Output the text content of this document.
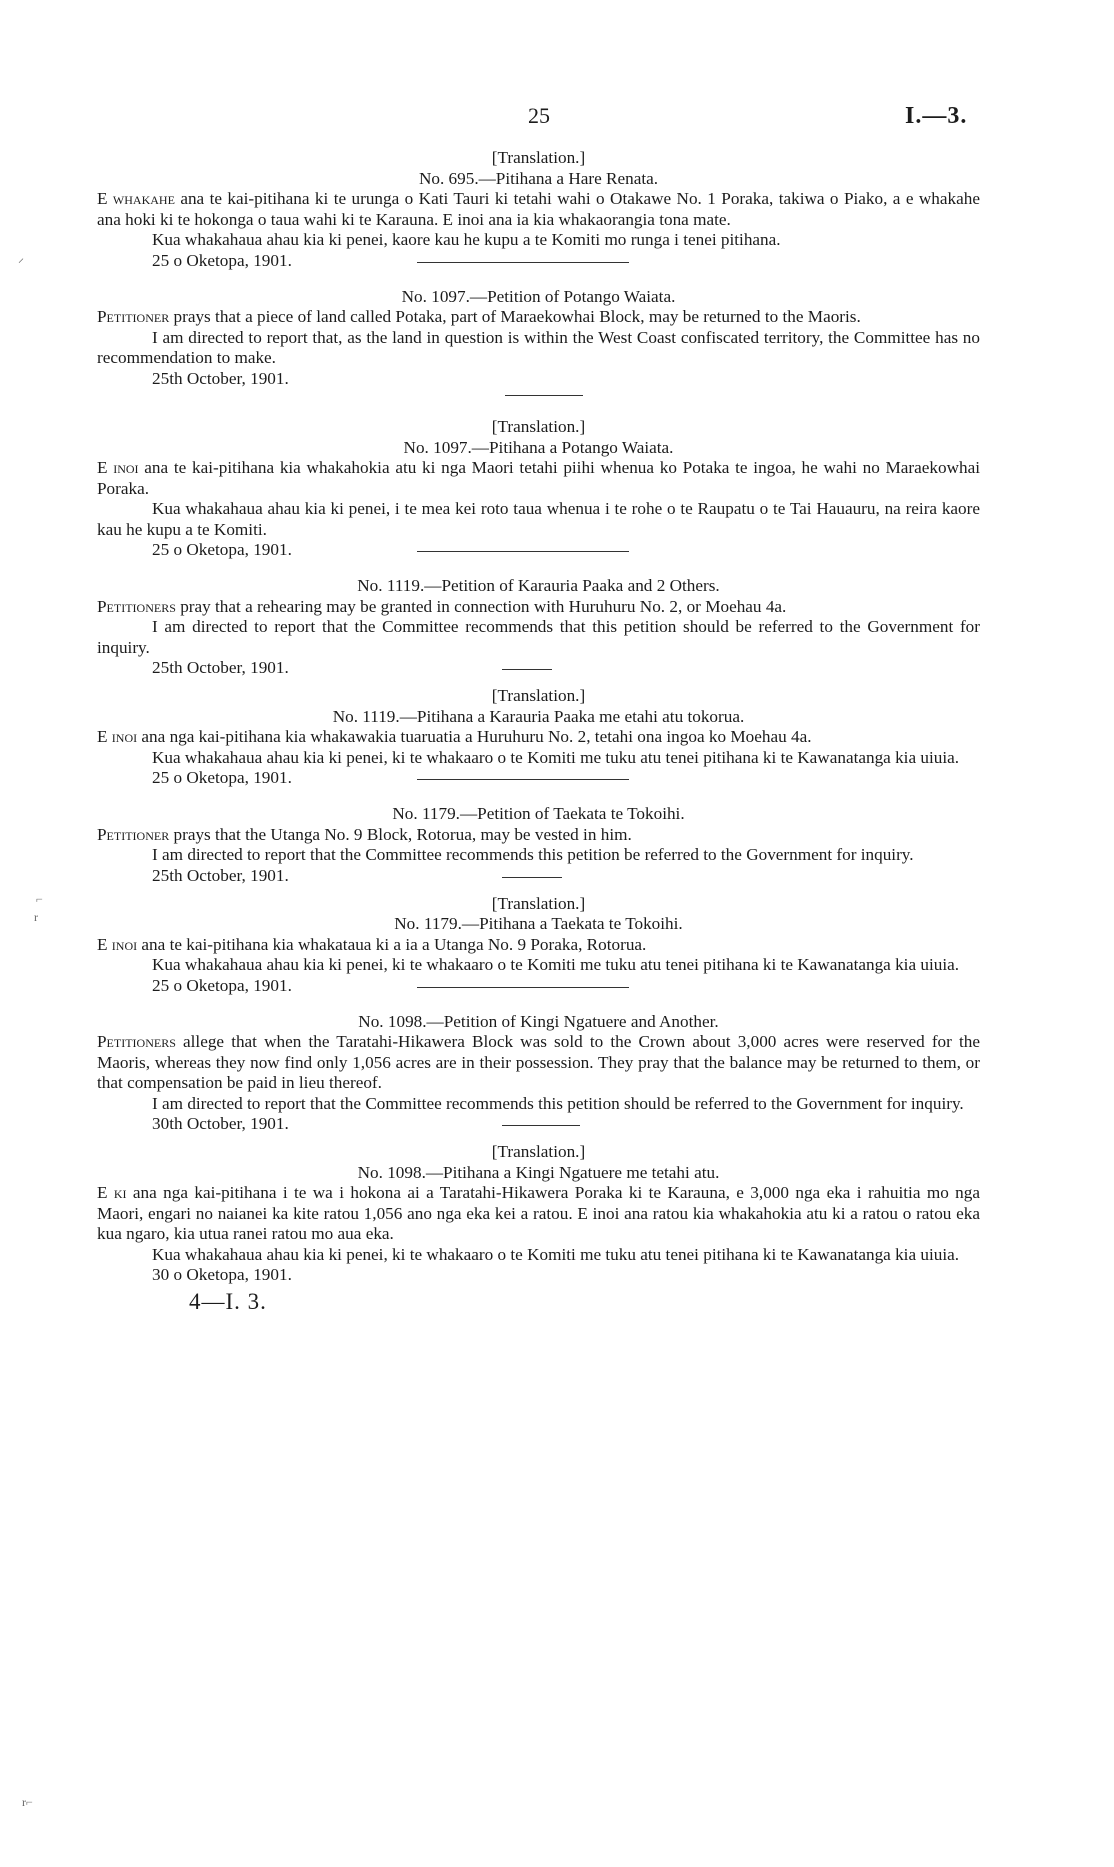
25	I.—3.
[Translation.]
No. 695.—Pitihana a Hare Renata.

E whakahe ana te kai-pitihana ki te urunga o Kati Tauri ki tetahi wahi o Otakawe No. 1 Poraka, takiwa o Piako, a e whakahe ana hoki ki te hokonga o taua wahi ki te Karauna. E inoi ana ia kia whakaorangia tona mate.

Kua whakahaua ahau kia ki penei, kaore kau he kupu a te Komiti mo runga i tenei pitihana.

25 o Oketopa, 1901.
No. 1097.—Petition of Potango Waiata.

Petitioner prays that a piece of land called Potaka, part of Maraekowhai Block, may be returned to the Maoris.

I am directed to report that, as the land in question is within the West Coast confiscated territory, the Committee has no recommendation to make.

25th October, 1901.

[Translation.]
No. 1097.—Pitihana a Potango Waiata.

E inoi ana te kai-pitihana kia whakahokia atu ki nga Maori tetahi piihi whenua ko Potaka te ingoa, he wahi no Maraekowhai Poraka.

Kua whakahaua ahau kia ki penei, i te mea kei roto taua whenua i te rohe o te Raupatu o te Tai Hauauru, na reira kaore kau he kupu a te Komiti.

25 o Oketopa, 1901.
No. 1119.—Petition of Karauria Paaka and 2 Others.

Petitioners pray that a rehearing may be granted in connection with Huruhuru No. 2, or Moehau 4a.

I am directed to report that the Committee recommends that this petition should be referred to the Government for inquiry.

25th October, 1901.
[Translation.]
No. 1119.—Pitihana a Karauria Paaka me etahi atu tokorua.

E inoi ana nga kai-pitihana kia whakawakia tuaruatia a Huruhuru No. 2, tetahi ona ingoa ko Moehau 4a.

Kua whakahaua ahau kia ki penei, ki te whakaaro o te Komiti me tuku atu tenei pitihana ki te Kawanatanga kia uiuia.

25 o Oketopa, 1901.
No. 1179.—Petition of Taekata te Tokoihi.

Petitioner prays that the Utanga No. 9 Block, Rotorua, may be vested in him.

I am directed to report that the Committee recommends this petition be referred to the Government for inquiry.

25th October, 1901.
[Translation.]
No. 1179.—Pitihana a Taekata te Tokoihi.

E inoi ana te kai-pitihana kia whakataua ki a ia a Utanga No. 9 Poraka, Rotorua.

Kua whakahaua ahau kia ki penei, ki te whakaaro o te Komiti me tuku atu tenei pitihana ki te Kawanatanga kia uiuia.

25 o Oketopa, 1901.
No. 1098.—Petition of Kingi Ngatuere and Another.

Petitioners allege that when the Taratahi-Hikawera Block was sold to the Crown about 3,000 acres were reserved for the Maoris, whereas they now find only 1,056 acres are in their possession. They pray that the balance may be returned to them, or that compensation be paid in lieu thereof.

I am directed to report that the Committee recommends this petition should be referred to the Government for inquiry.

30th October, 1901.
[Translation.]
No. 1098.—Pitihana a Kingi Ngatuere me tetahi atu.

E ki ana nga kai-pitihana i te wa i hokona ai a Taratahi-Hikawera Poraka ki te Karauna, e 3,000 nga eka i rahuitia mo nga Maori, engari no naianei ka kite ratou 1,056 ano nga eka kei a ratou. E inoi ana ratou kia whakahokia atu ki a ratou o ratou eka kua ngaro, kia utua ranei ratou mo aua eka.

Kua whakahaua ahau kia ki penei, ki te whakaaro o te Komiti me tuku atu tenei pitihana ki te Kawanatanga kia uiuia.

30 o Oketopa, 1901.

4—I. 3.
⸍
⌐
r
r⌐
